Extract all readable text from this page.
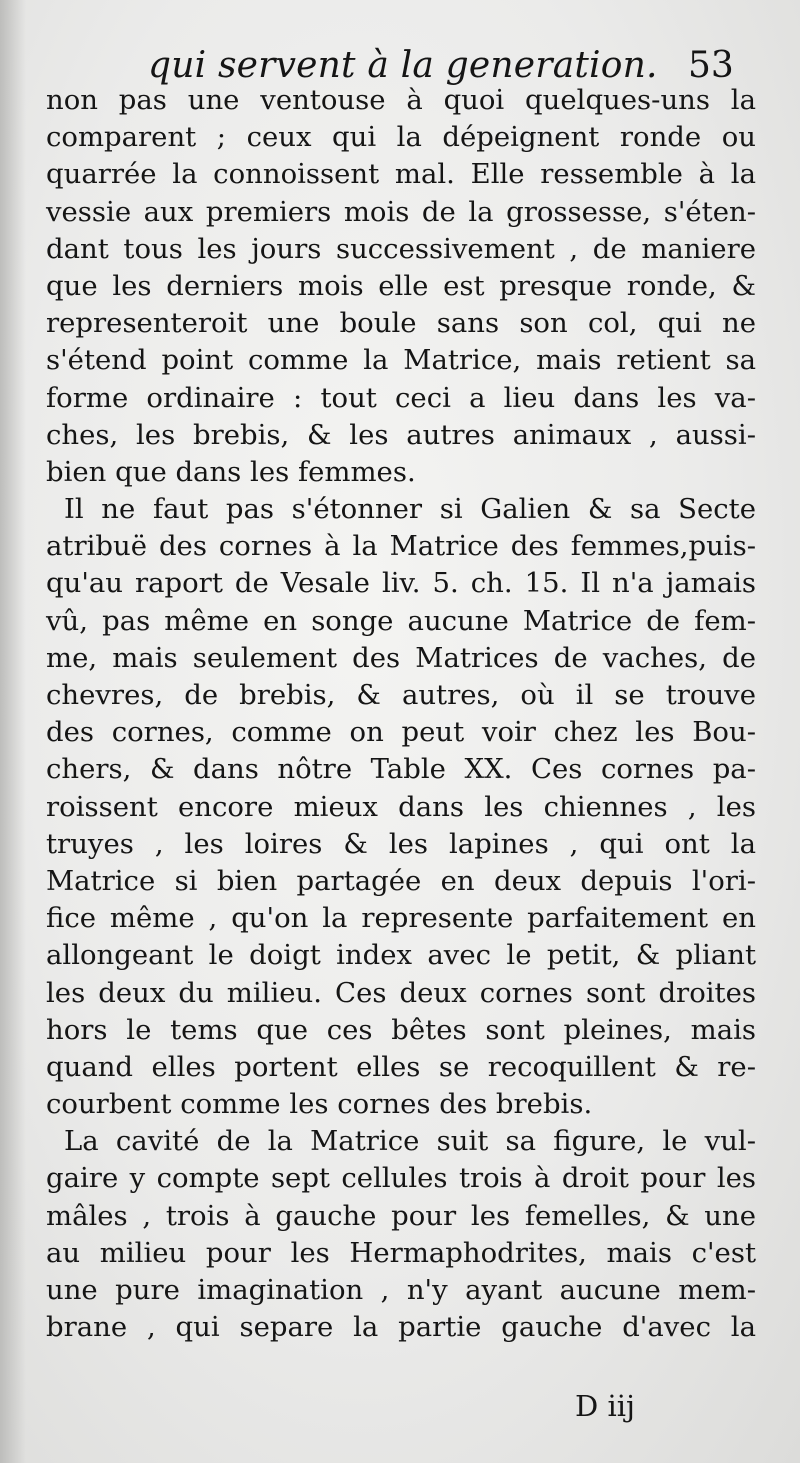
qui servent à la generation. 53
non pas une ventouse à quoi quelques-uns la
comparent ; ceux qui la dépeignent ronde ou
quarrée la connoissent mal. Elle ressemble à la
vessie aux premiers mois de la grossesse, s'éten-
dant tous les jours successivement , de maniere
que les derniers mois elle est presque ronde, &
representeroit une boule sans son col, qui ne
s'étend point comme la Matrice, mais retient sa
forme ordinaire : tout ceci a lieu dans les va-
ches, les brebis, & les autres animaux , aussi-
bien que dans les femmes.
Il ne faut pas s'étonner si Galien & sa Secte
atribuë des cornes à la Matrice des femmes,puis-
qu'au raport de Vesale liv. 5. ch. 15. Il n'a jamais
vû, pas même en songe aucune Matrice de fem-
me, mais seulement des Matrices de vaches, de
chevres, de brebis, & autres, où il se trouve
des cornes, comme on peut voir chez les Bou-
chers, & dans nôtre Table XX. Ces cornes pa-
roissent encore mieux dans les chiennes , les
truyes , les loires & les lapines , qui ont la
Matrice si bien partagée en deux depuis l'ori-
fice même , qu'on la represente parfaitement en
allongeant le doigt index avec le petit, & pliant
les deux du milieu. Ces deux cornes sont droites
hors le tems que ces bêtes sont pleines, mais
quand elles portent elles se recoquillent & re-
courbent comme les cornes des brebis.
La cavité de la Matrice suit sa figure, le vul-
gaire y compte sept cellules trois à droit pour les
mâles , trois à gauche pour les femelles, & une
au milieu pour les Hermaphodrites, mais c'est
une pure imagination , n'y ayant aucune mem-
brane , qui separe la partie gauche d'avec la
D iij
